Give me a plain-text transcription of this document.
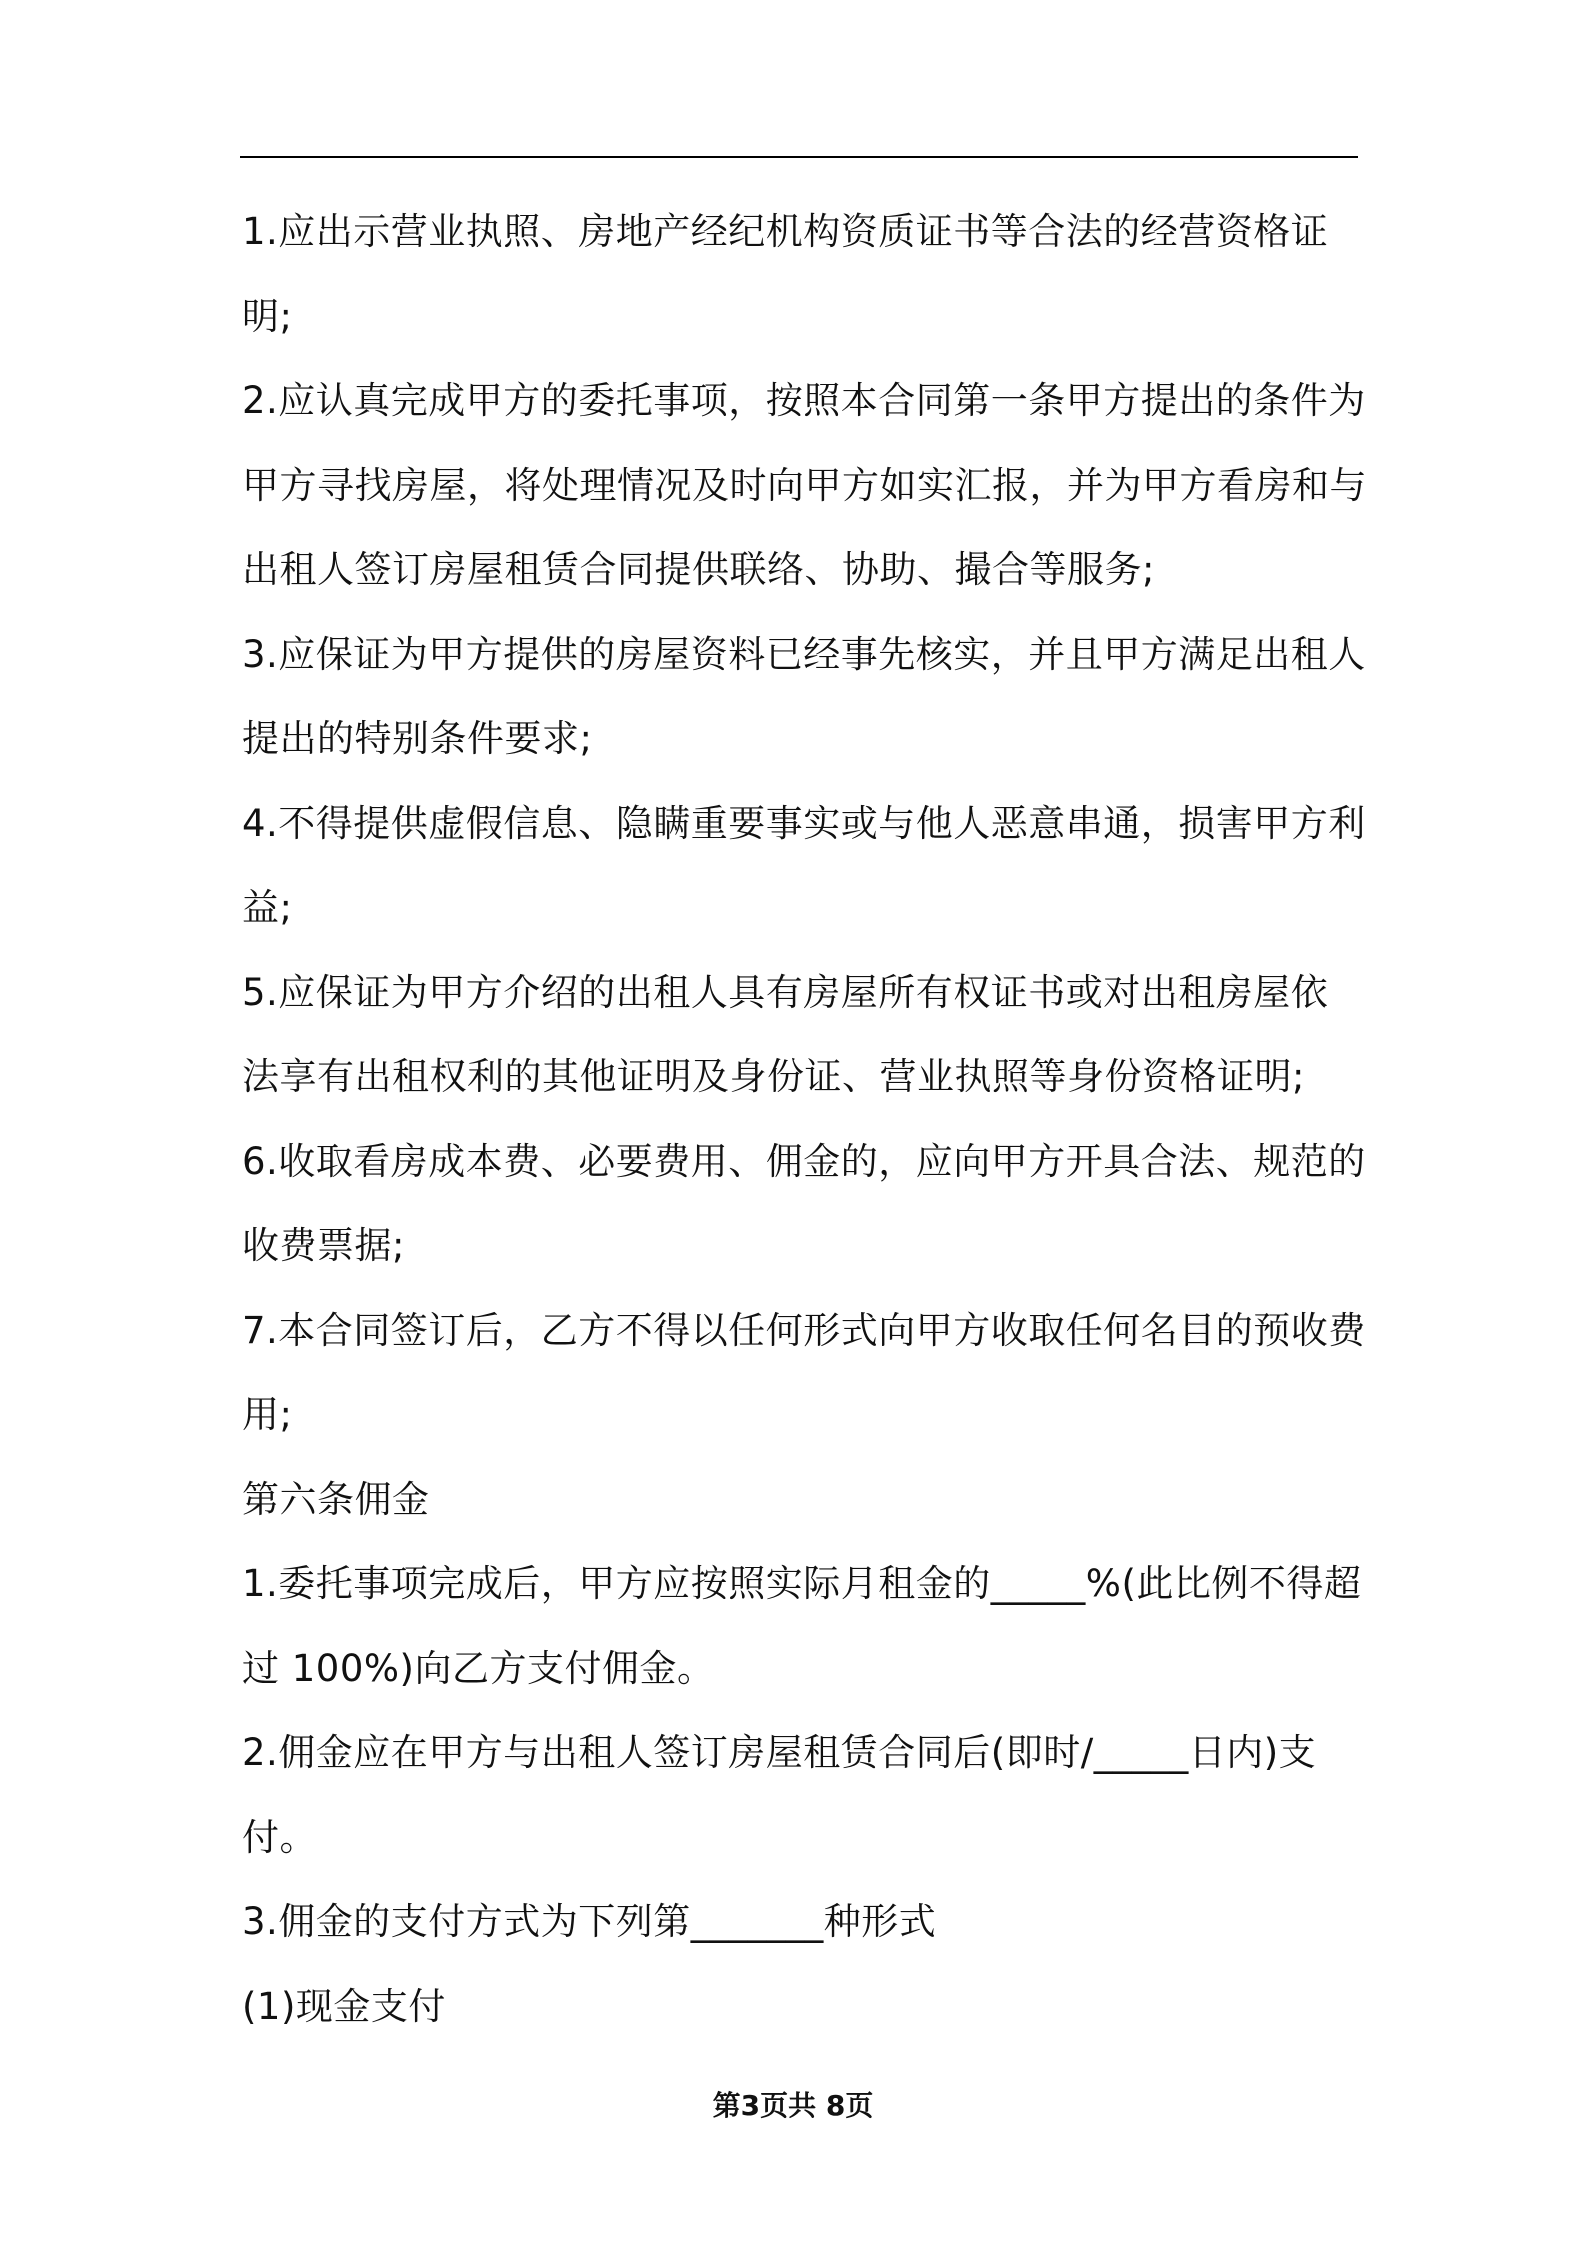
1.应出示营业执照、房地产经纪机构资质证书等合法的经营资格证
明;
2.应认真完成甲方的委托事项，按照本合同第一条甲方提出的条件为
甲方寻找房屋，将处理情况及时向甲方如实汇报，并为甲方看房和与
出租人签订房屋租赁合同提供联络、协助、撮合等服务;
3.应保证为甲方提供的房屋资料已经事先核实，并且甲方满足出租人
提出的特别条件要求;
4.不得提供虚假信息、隐瞒重要事实或与他人恶意串通，损害甲方利
益;
5.应保证为甲方介绍的出租人具有房屋所有权证书或对出租房屋依
法享有出租权利的其他证明及身份证、营业执照等身份资格证明;
6.收取看房成本费、必要费用、佣金的，应向甲方开具合法、规范的
收费票据;
7.本合同签订后，乙方不得以任何形式向甲方收取任何名目的预收费
用;
第六条佣金
1.委托事项完成后，甲方应按照实际月租金的_____%(此比例不得超
过 100%)向乙方支付佣金。
2.佣金应在甲方与出租人签订房屋租赁合同后(即时/_____日内)支
付。
3.佣金的支付方式为下列第_______种形式
(1)现金支付
第3页共 8页
